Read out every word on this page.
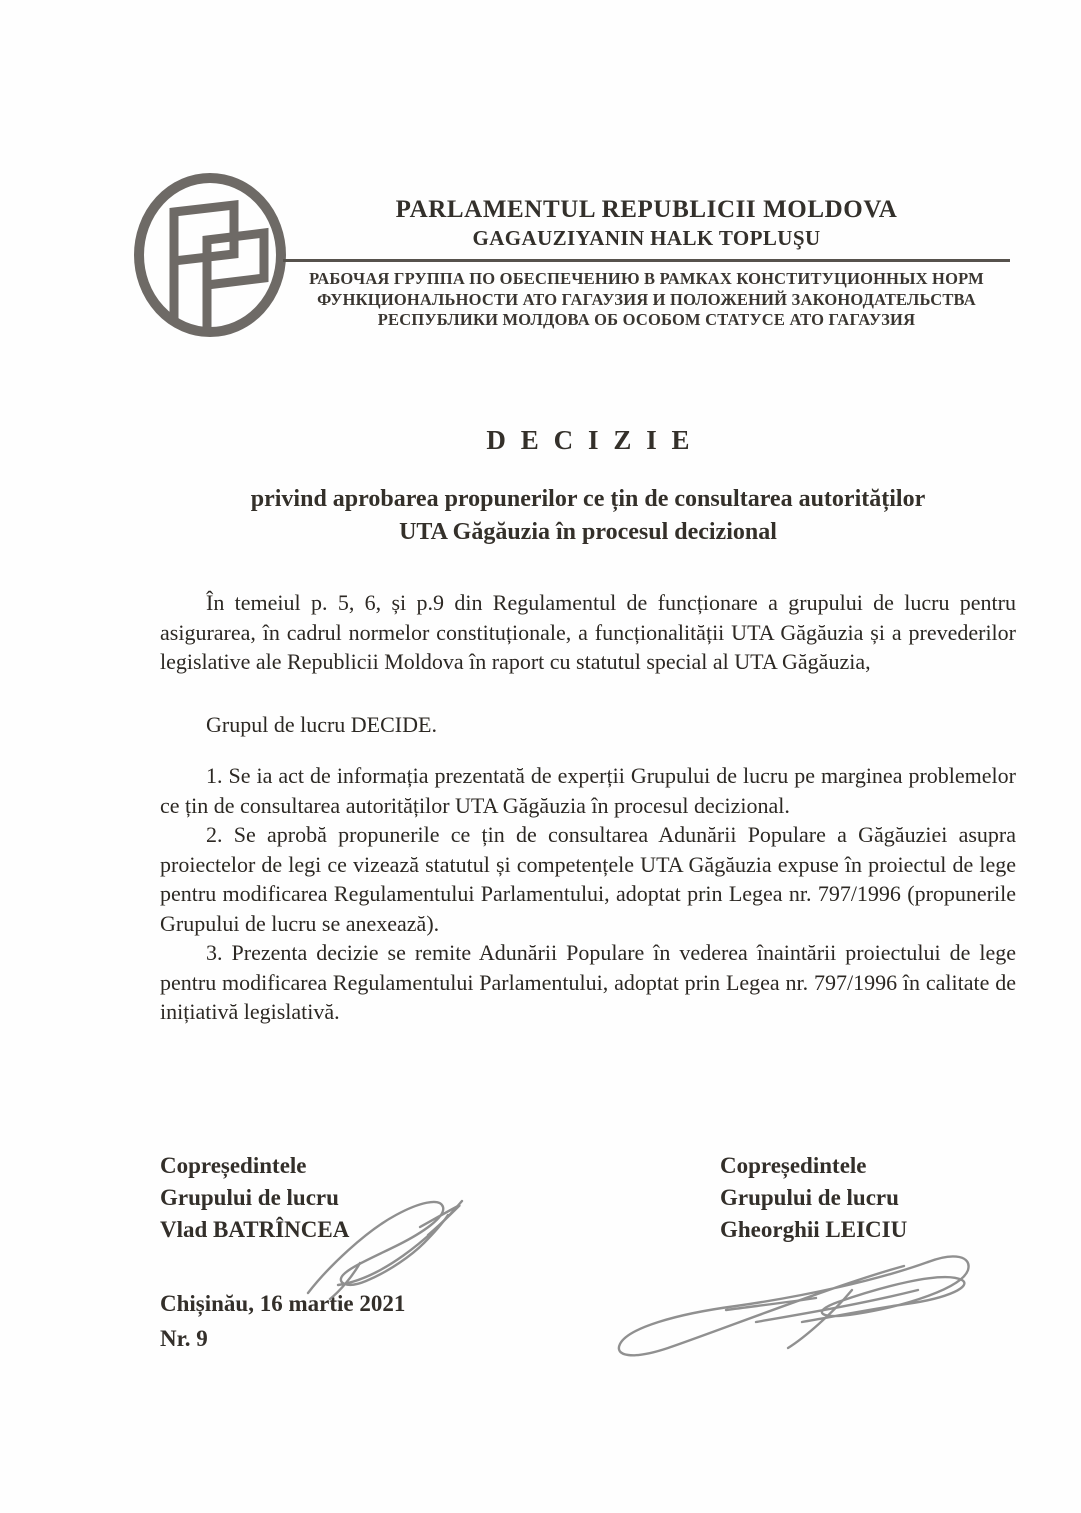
PARLAMENTUL REPUBLICII MOLDOVA
GAGAUZIYANIN HALK TOPLUŞU
РАБОЧАЯ ГРУППА ПО ОБЕСПЕЧЕНИЮ В РАМКАХ КОНСТИТУЦИОННЫХ НОРМ
ФУНКЦИОНАЛЬНОСТИ АТО ГАГАУЗИЯ И ПОЛОЖЕНИЙ ЗАКОНОДАТЕЛЬСТВА
РЕСПУБЛИКИ МОЛДОВА ОБ ОСОБОМ СТАТУСЕ АТО ГАГАУЗИЯ
DECIZIE
privind aprobarea propunerilor ce țin de consultarea autorităților UTA Găgăuzia în procesul decizional

În temeiul p. 5, 6, și p.9 din Regulamentul de funcționare a grupului de lucru pentru asigurarea, în cadrul normelor constituționale, a funcționalității UTA Găgăuzia și a prevederilor legislative ale Republicii Moldova în raport cu statutul special al UTA Găgăuzia,

Grupul de lucru DECIDE.

1. Se ia act de informația prezentată de experții Grupului de lucru pe marginea problemelor ce țin de consultarea autorităților UTA Găgăuzia în procesul decizional.

2. Se aprobă propunerile ce țin de consultarea Adunării Populare a Găgăuziei asupra proiectelor de legi ce vizează statutul și competențele UTA Găgăuzia expuse în proiectul de lege pentru modificarea Regulamentului Parlamentului, adoptat prin Legea nr. 797/1996 (propunerile Grupului de lucru se anexează).

3. Prezenta decizie se remite Adunării Populare în vederea înaintării proiectului de lege pentru modificarea Regulamentului Parlamentului, adoptat prin Legea nr. 797/1996 în calitate de inițiativă legislativă.

Copreședintele
Grupului de lucru
Vlad BATRÎNCEA
Copreședintele
Grupului de lucru
Gheorghii LEICIU
Chișinău, 16 martie 2021
Nr. 9
